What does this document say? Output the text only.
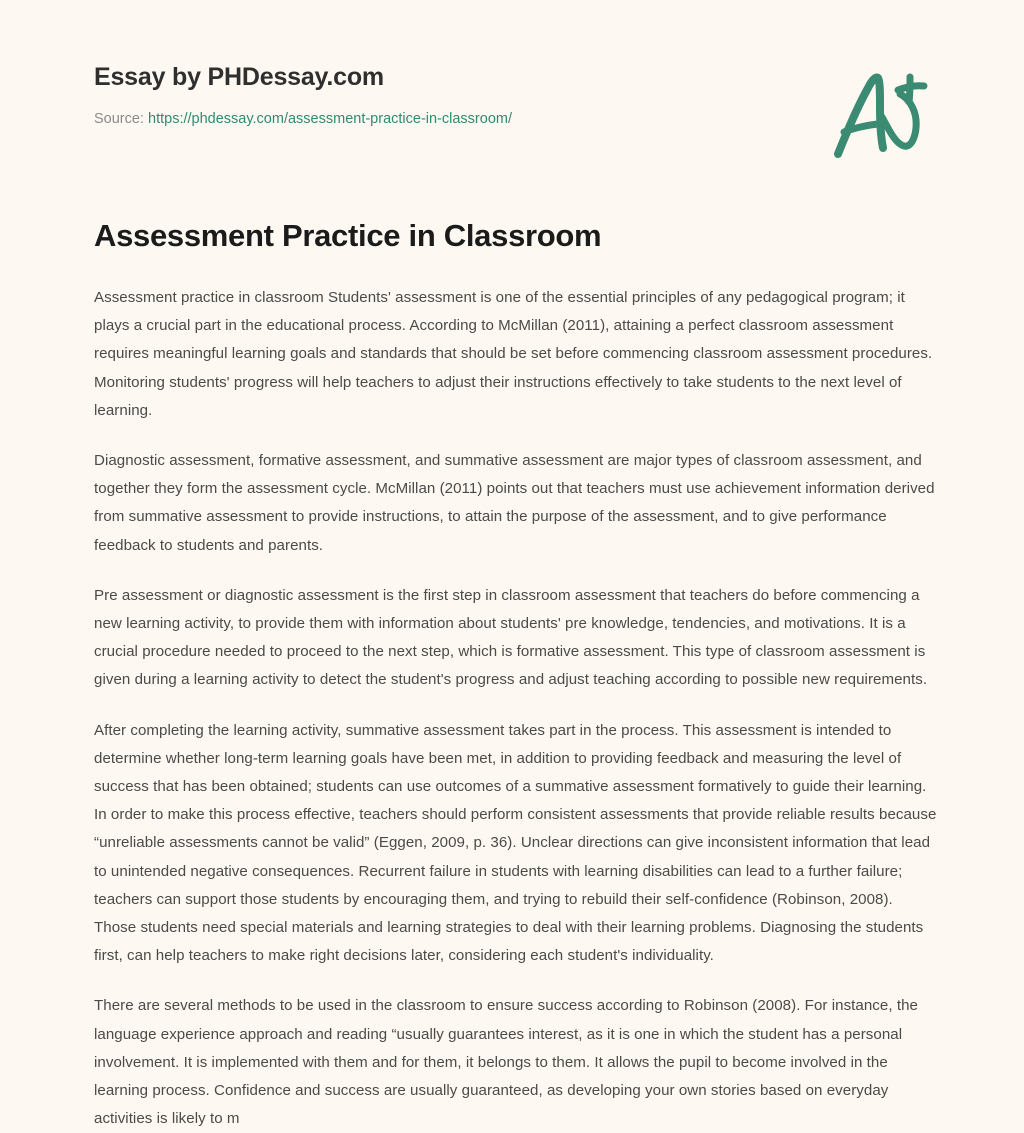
Essay by PHDessay.com
Source: https://phdessay.com/assessment-practice-in-classroom/
Assessment Practice in Classroom

Assessment practice in classroom Students' assessment is one of the essential principles of any pedagogical program; it plays a crucial part in the educational process. According to McMillan (2011), attaining a perfect classroom assessment requires meaningful learning goals and standards that should be set before commencing classroom assessment procedures. Monitoring students' progress will help teachers to adjust their instructions effectively to take students to the next level of learning.

Diagnostic assessment, formative assessment, and summative assessment are major types of classroom assessment, and together they form the assessment cycle. McMillan (2011) points out that teachers must use achievement information derived from summative assessment to provide instructions, to attain the purpose of the assessment, and to give performance feedback to students and parents.

Pre assessment or diagnostic assessment is the first step in classroom assessment that teachers do before commencing a new learning activity, to provide them with information about students' pre knowledge, tendencies, and motivations. It is a crucial procedure needed to proceed to the next step, which is formative assessment. This type of classroom assessment is given during a learning activity to detect the student's progress and adjust teaching according to possible new requirements.

After completing the learning activity, summative assessment takes part in the process. This assessment is intended to determine whether long-term learning goals have been met, in addition to providing feedback and measuring the level of success that has been obtained; students can use outcomes of a summative assessment formatively to guide their learning. In order to make this process effective, teachers should perform consistent assessments that provide reliable results because “unreliable assessments cannot be valid” (Eggen, 2009, p. 36). Unclear directions can give inconsistent information that lead to unintended negative consequences. Recurrent failure in students with learning disabilities can lead to a further failure; teachers can support those students by encouraging them, and trying to rebuild their self-confidence (Robinson, 2008). Those students need special materials and learning strategies to deal with their learning problems. Diagnosing the students first, can help teachers to make right decisions later, considering each student's individuality.

There are several methods to be used in the classroom to ensure success according to Robinson (2008). For instance, the language experience approach and reading “usually guarantees interest, as it is one in which the student has a personal involvement. It is implemented with them and for them, it belongs to them. It allows the pupil to become involved in the learning process. Confidence and success are usually guaranteed, as developing your own stories based on everyday activities is likely to m
